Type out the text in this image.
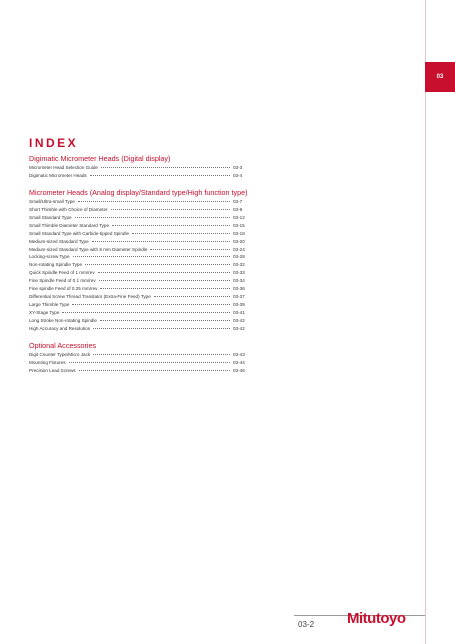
03
INDEX
Digimatic Micrometer Heads (Digital display)
Micrometer Head Selection Guide	03-3
Digimatic Micrometer Heads	03-4
Micrometer Heads (Analog display/Standard type/High function type)
Small/Ultra-small Type	03-7
Short Thimble with Choice of Diameter	03-9
Small Standard Type	03-12
Small Thimble Diameter Standard Type	03-15
Small Standard Type with Carbide-tipped Spindle	03-18
Medium-sized Standard Type	03-20
Medium-sized Standard Type with 8 mm Diameter Spindle	03-24
Locking-screw Type	03-28
Non-rotating Spindle Type	03-32
Quick Spindle Feed of 1 mm/rev	03-33
Fine Spindle Feed of 0.1 mm/rev	03-34
Fine spindle Feed of 0.25 mm/rev	03-36
Differential Screw Thread Translator (Extra-Fine Feed) Type	03-37
Large Thimble Type	03-39
XY-Stage Type	03-41
Long Stroke Non-rotating Spindle	03-42
High Accuracy and Resolution	03-42
Optional Accessories
Digit Counter Type/Micro Jack	03-43
Mounting Fixtures	03-44
Precision Lead Screws	03-46
03-2 Mitutoyo
